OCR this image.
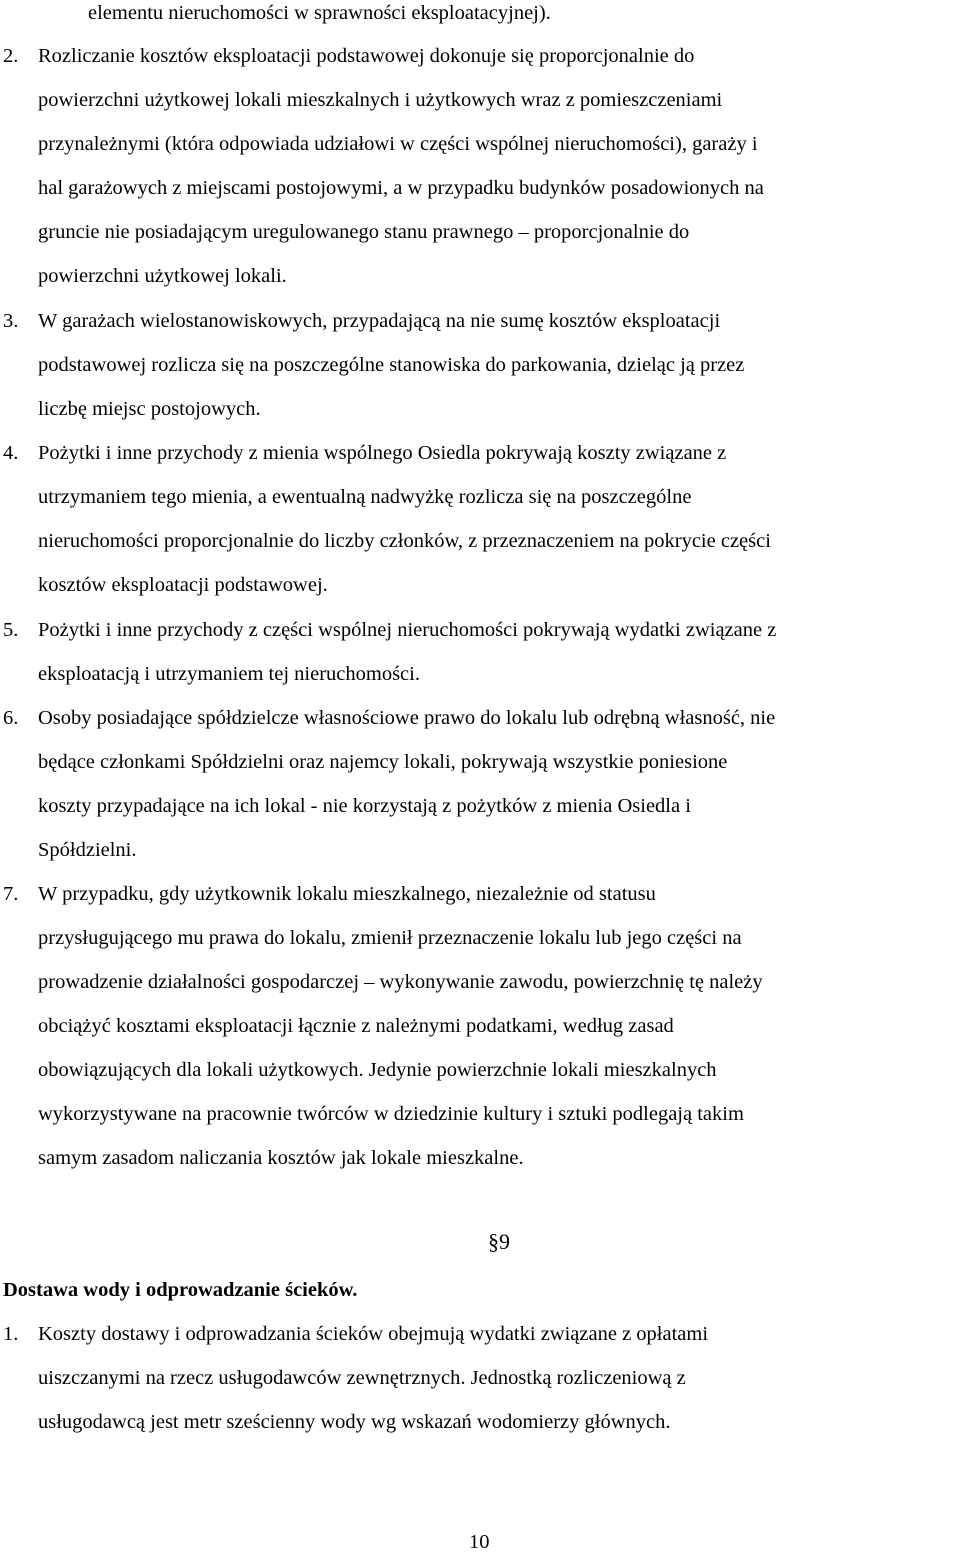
elementu nieruchomości w sprawności eksploatacyjnej).
2. Rozliczanie kosztów eksploatacji podstawowej dokonuje się proporcjonalnie do
powierzchni użytkowej lokali mieszkalnych i użytkowych wraz z pomieszczeniami
przynależnymi (która odpowiada udziałowi w części wspólnej nieruchomości), garaży i
hal garażowych z miejscami postojowymi, a w przypadku budynków posadowionych na
gruncie nie posiadającym uregulowanego stanu prawnego – proporcjonalnie do
powierzchni użytkowej lokali.
3. W garażach wielostanowiskowych, przypadającą na nie sumę kosztów eksploatacji
podstawowej rozlicza się na poszczególne stanowiska do parkowania, dzieląc ją przez
liczbę miejsc postojowych.
4. Pożytki i inne przychody z mienia wspólnego Osiedla pokrywają koszty związane z
utrzymaniem tego mienia, a ewentualną nadwyżkę rozlicza się na poszczególne
nieruchomości proporcjonalnie do liczby członków, z przeznaczeniem na pokrycie części
kosztów eksploatacji podstawowej.
5. Pożytki i inne przychody z części wspólnej nieruchomości pokrywają wydatki związane z
eksploatacją i utrzymaniem tej nieruchomości.
6. Osoby posiadające spółdzielcze własnościowe prawo do lokalu lub odrębną własność, nie
będące członkami Spółdzielni oraz najemcy lokali, pokrywają wszystkie poniesione
koszty przypadające na ich lokal - nie korzystają z pożytków z mienia Osiedla i
Spółdzielni.
7. W przypadku, gdy użytkownik lokalu mieszkalnego, niezależnie od statusu
przysługującego mu prawa do lokalu, zmienił przeznaczenie lokalu lub jego części na
prowadzenie działalności gospodarczej – wykonywanie zawodu, powierzchnię tę należy
obciążyć kosztami eksploatacji łącznie z należnymi podatkami, według zasad
obowiązujących dla lokali użytkowych. Jedynie powierzchnie lokali mieszkalnych
wykorzystywane na pracownie twórców w dziedzinie kultury i sztuki podlegają takim
samym zasadom naliczania kosztów jak lokale mieszkalne.
§9
Dostawa wody i odprowadzanie ścieków.
1. Koszty dostawy i odprowadzania ścieków obejmują wydatki związane z opłatami
uiszczanymi na rzecz usługodawców zewnętrznych. Jednostką rozliczeniową z
usługodawcą jest metr sześcienny wody wg wskazań wodomierzy głównych.
10
